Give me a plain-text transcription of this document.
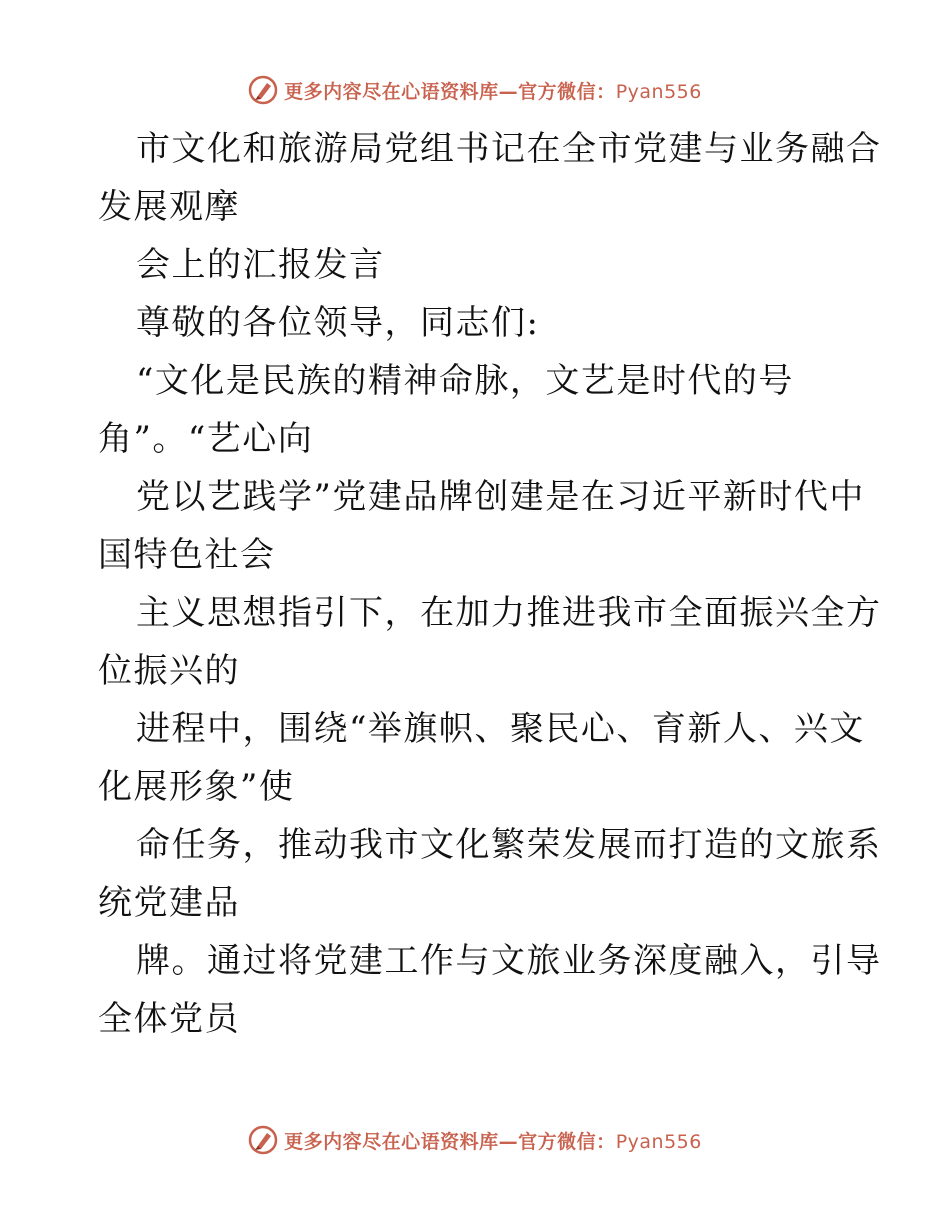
更多内容尽在心语资料库—官方微信：Pyan556
市文化和旅游局党组书记在全市党建与业务融合
发展观摩
会上的汇报发言
尊敬的各位领导，同志们:
“文化是民族的精神命脉，文艺是时代的号
角”。“艺心向
党以艺践学”党建品牌创建是在习近平新时代中
国特色社会
主义思想指引下，在加力推进我市全面振兴全方
位振兴的
进程中，围绕“举旗帜、聚民心、育新人、兴文
化展形象”使
命任务，推动我市文化繁荣发展而打造的文旅系
统党建品
牌。通过将党建工作与文旅业务深度融入，引导
全体党员
更多内容尽在心语资料库—官方微信：Pyan556
